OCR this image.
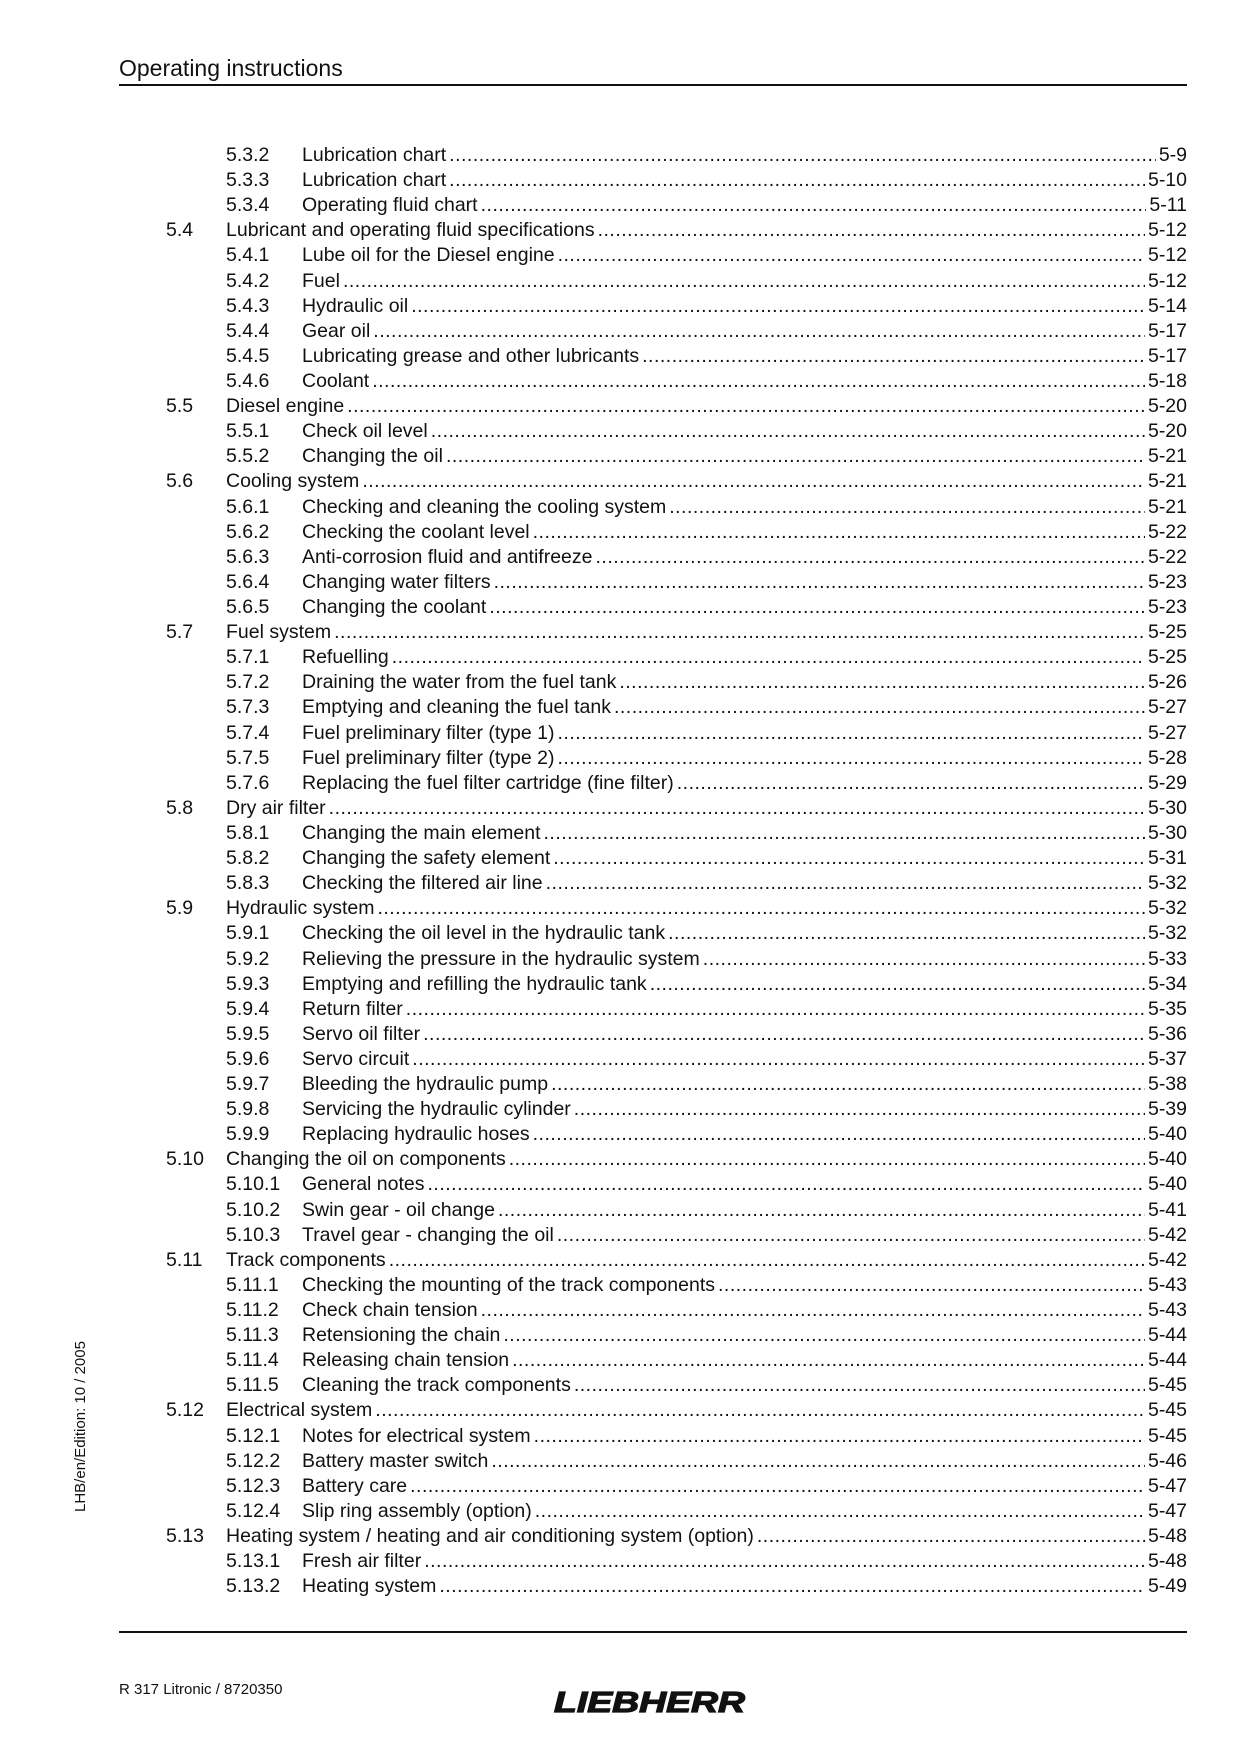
Operating instructions
5.3.2 Lubrication chart .....	5-9
5.3.3 Lubrication chart .....	5-10
5.3.4 Operating fluid chart .....	5-11
5.4 Lubricant and operating fluid specifications .....	5-12
5.4.1 Lube oil for the Diesel engine .....	5-12
5.4.2 Fuel .....	5-12
5.4.3 Hydraulic oil .....	5-14
5.4.4 Gear oil .....	5-17
5.4.5 Lubricating grease and other lubricants .....	5-17
5.4.6 Coolant .....	5-18
5.5 Diesel engine .....	5-20
5.5.1 Check oil level .....	5-20
5.5.2 Changing the oil .....	5-21
5.6 Cooling system .....	5-21
5.6.1 Checking and cleaning the cooling system .....	5-21
5.6.2 Checking the coolant level .....	5-22
5.6.3 Anti-corrosion fluid and antifreeze .....	5-22
5.6.4 Changing water filters .....	5-23
5.6.5 Changing the coolant .....	5-23
5.7 Fuel system .....	5-25
5.7.1 Refuelling .....	5-25
5.7.2 Draining the water from the fuel tank .....	5-26
5.7.3 Emptying and cleaning the fuel tank .....	5-27
5.7.4 Fuel preliminary filter (type 1) .....	5-27
5.7.5 Fuel preliminary filter (type 2) .....	5-28
5.7.6 Replacing the fuel filter cartridge (fine filter) .....	5-29
5.8 Dry air filter .....	5-30
5.8.1 Changing the main element .....	5-30
5.8.2 Changing the safety element .....	5-31
5.8.3 Checking the filtered air line .....	5-32
5.9 Hydraulic system .....	5-32
5.9.1 Checking the oil level in the hydraulic tank .....	5-32
5.9.2 Relieving the pressure in the hydraulic system .....	5-33
5.9.3 Emptying and refilling the hydraulic tank .....	5-34
5.9.4 Return filter .....	5-35
5.9.5 Servo oil filter .....	5-36
5.9.6 Servo circuit .....	5-37
5.9.7 Bleeding the hydraulic pump .....	5-38
5.9.8 Servicing the hydraulic cylinder .....	5-39
5.9.9 Replacing hydraulic hoses .....	5-40
5.10 Changing the oil on components .....	5-40
5.10.1 General notes .....	5-40
5.10.2 Swin gear - oil change .....	5-41
5.10.3 Travel gear - changing the oil .....	5-42
5.11 Track components .....	5-42
5.11.1 Checking the mounting of the track components .....	5-43
5.11.2 Check chain tension .....	5-43
5.11.3 Retensioning the chain .....	5-44
5.11.4 Releasing chain tension .....	5-44
5.11.5 Cleaning the track components .....	5-45
5.12 Electrical system .....	5-45
5.12.1 Notes for electrical system .....	5-45
5.12.2 Battery master switch .....	5-46
5.12.3 Battery care .....	5-47
5.12.4 Slip ring assembly (option) .....	5-47
5.13 Heating system / heating and air conditioning system (option) .....	5-48
5.13.1 Fresh air filter .....	5-48
5.13.2 Heating system .....	5-49
LHB/en/Edition: 10 / 2005
R 317 Litronic / 8720350	LIEBHERR
